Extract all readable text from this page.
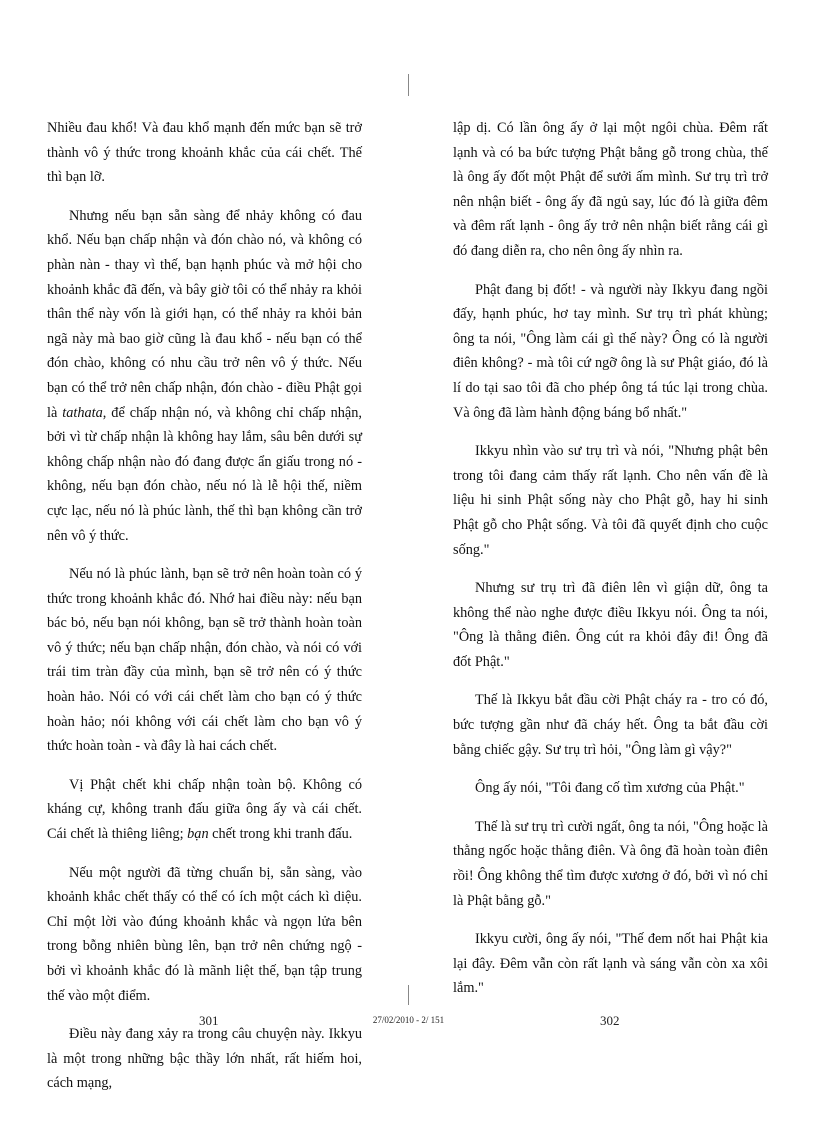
Nhiều đau khổ! Và đau khổ mạnh đến mức bạn sẽ trở thành vô ý thức trong khoảnh khắc của cái chết. Thế thì bạn lỡ.

Nhưng nếu bạn sẵn sàng để nhảy không có đau khổ. Nếu bạn chấp nhận và đón chào nó, và không có phàn nàn - thay vì thế, bạn hạnh phúc và mở hội cho khoảnh khắc đã đến, và bây giờ tôi có thể nhảy ra khỏi thân thể này vốn là giới hạn, có thể nhảy ra khỏi bản ngã này mà bao giờ cũng là đau khổ - nếu bạn có thể đón chào, không có nhu cầu trở nên vô ý thức. Nếu bạn có thể trở nên chấp nhận, đón chào - điều Phật gọi là tathata, để chấp nhận nó, và không chỉ chấp nhận, bởi vì từ chấp nhận là không hay lắm, sâu bên dưới sự không chấp nhận nào đó đang được ẩn giấu trong nó - không, nếu bạn đón chào, nếu nó là lễ hội thế, niềm cực lạc, nếu nó là phúc lành, thế thì bạn không cần trở nên vô ý thức.

Nếu nó là phúc lành, bạn sẽ trở nên hoàn toàn có ý thức trong khoảnh khắc đó. Nhớ hai điều này: nếu bạn bác bỏ, nếu bạn nói không, bạn sẽ trở thành hoàn toàn vô ý thức; nếu bạn chấp nhận, đón chào, và nói có với trái tim tràn đầy của mình, bạn sẽ trở nên có ý thức hoàn hảo. Nói có với cái chết làm cho bạn có ý thức hoàn hảo; nói không với cái chết làm cho bạn vô ý thức hoàn toàn - và đây là hai cách chết.

Vị Phật chết khi chấp nhận toàn bộ. Không có kháng cự, không tranh đấu giữa ông ấy và cái chết. Cái chết là thiêng liêng; bạn chết trong khi tranh đấu.

Nếu một người đã từng chuẩn bị, sẵn sàng, vào khoảnh khắc chết thấy có thể có ích một cách kì diệu. Chỉ một lời vào đúng khoảnh khắc và ngọn lửa bên trong bỗng nhiên bùng lên, bạn trở nên chứng ngộ - bởi vì khoảnh khắc đó là mãnh liệt thế, bạn tập trung thế vào một điểm.

Điều này đang xảy ra trong câu chuyện này. Ikkyu là một trong những bậc thầy lớn nhất, rất hiếm hoi, cách mạng,

lập dị. Có lần ông ấy ở lại một ngôi chùa. Đêm rất lạnh và có ba bức tượng Phật bằng gỗ trong chùa, thế là ông ấy đốt một Phật để sưởi ấm mình. Sư trụ trì trở nên nhận biết - ông ấy đã ngủ say, lúc đó là giữa đêm và đêm rất lạnh - ông ấy trở nên nhận biết rằng cái gì đó đang diễn ra, cho nên ông ấy nhìn ra.

Phật đang bị đốt! - và người này Ikkyu đang ngồi đấy, hạnh phúc, hơ tay mình. Sư trụ trì phát khùng; ông ta nói, "Ông làm cái gì thế này? Ông có là người điên không? - mà tôi cứ ngỡ ông là sư Phật giáo, đó là lí do tại sao tôi đã cho phép ông tá túc lại trong chùa. Và ông đã làm hành động báng bổ nhất."

Ikkyu nhìn vào sư trụ trì và nói, "Nhưng phật bên trong tôi đang cảm thấy rất lạnh. Cho nên vấn đề là liệu hi sinh Phật sống này cho Phật gỗ, hay hi sinh Phật gỗ cho Phật sống. Và tôi đã quyết định cho cuộc sống."

Nhưng sư trụ trì đã điên lên vì giận dữ, ông ta không thể nào nghe được điều Ikkyu nói. Ông ta nói, "Ông là thằng điên. Ông cút ra khỏi đây đi! Ông đã đốt Phật."

Thế là Ikkyu bắt đầu cời Phật cháy ra - tro có đó, bức tượng gần như đã cháy hết. Ông ta bắt đầu cời bằng chiếc gậy. Sư trụ trì hỏi, "Ông làm gì vậy?"

Ông ấy nói, "Tôi đang cố tìm xương của Phật."

Thế là sư trụ trì cười ngất, ông ta nói, "Ông hoặc là thằng ngốc hoặc thằng điên. Và ông đã hoàn toàn điên rồi! Ông không thể tìm được xương ở đó, bởi vì nó chỉ là Phật bằng gỗ."

Ikkyu cười, ông ấy nói, "Thế đem nốt hai Phật kia lại đây. Đêm vẫn còn rất lạnh và sáng vẫn còn xa xôi lắm."

301	27/02/2010 - 2/ 151	302
